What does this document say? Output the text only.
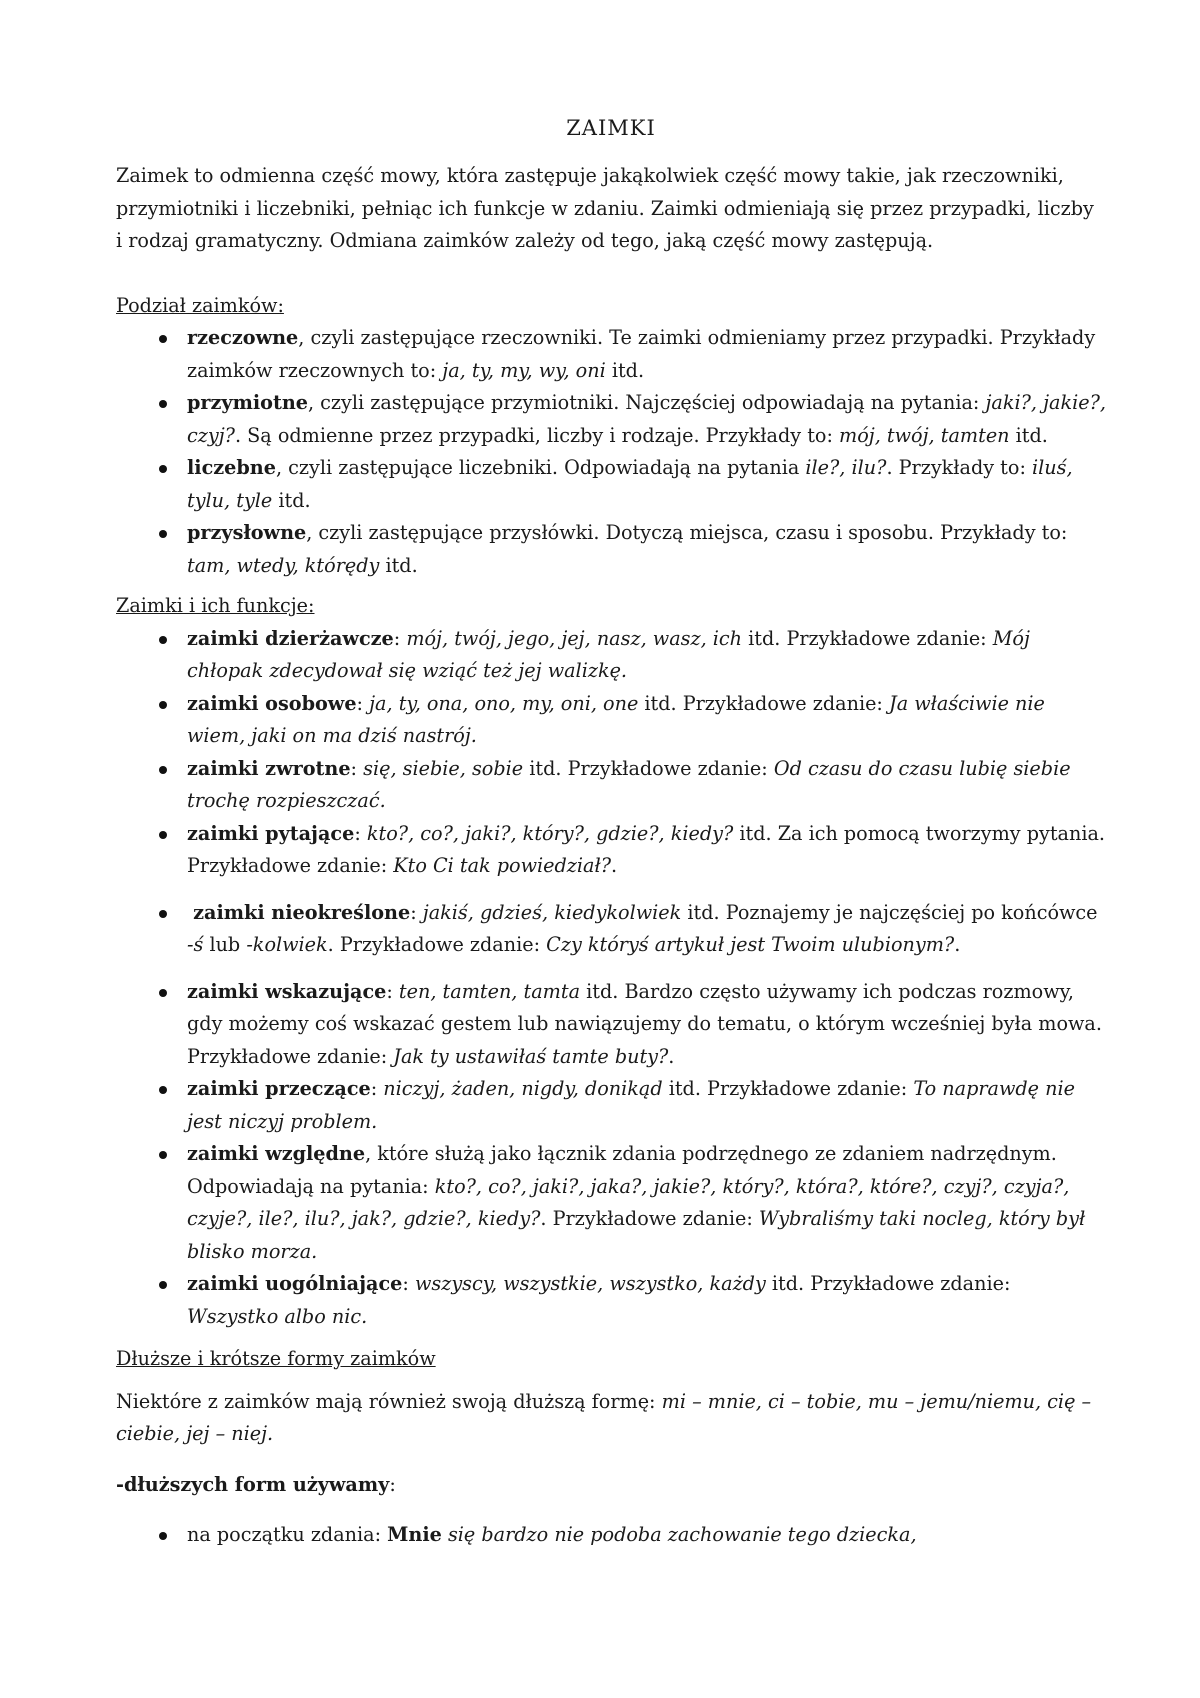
ZAIMKI

Zaimek to odmienna część mowy, która zastępuje jakąkolwiek część mowy takie, jak rzeczowniki, przymiotniki i liczebniki, pełniąc ich funkcje w zdaniu. Zaimki odmieniają się przez przypadki, liczby i rodzaj gramatyczny. Odmiana zaimków zależy od tego, jaką część mowy zastępują.

Podział zaimków:
rzeczowne, czyli zastępujące rzeczowniki. Te zaimki odmieniamy przez przypadki. Przykłady zaimków rzeczownych to: ja, ty, my, wy, oni itd.
przymiotne, czyli zastępujące przymiotniki. Najczęściej odpowiadają na pytania: jaki?, jakie?, czyj?. Są odmienne przez przypadki, liczby i rodzaje. Przykłady to: mój, twój, tamten itd.
liczebne, czyli zastępujące liczebniki. Odpowiadają na pytania ile?, ilu?. Przykłady to: iluś, tylu, tyle itd.
przysłowne, czyli zastępujące przysłówki. Dotyczą miejsca, czasu i sposobu. Przykłady to: tam, wtedy, którędy itd.
Zaimki i ich funkcje:
zaimki dzierżawcze: mój, twój, jego, jej, nasz, wasz, ich itd. Przykładowe zdanie: Mój chłopak zdecydował się wziąć też jej walizkę.
zaimki osobowe: ja, ty, ona, ono, my, oni, one itd. Przykładowe zdanie: Ja właściwie nie wiem, jaki on ma dziś nastrój.
zaimki zwrotne: się, siebie, sobie itd. Przykładowe zdanie: Od czasu do czasu lubię siebie trochę rozpieszczać.
zaimki pytające: kto?, co?, jaki?, który?, gdzie?, kiedy? itd. Za ich pomocą tworzymy pytania. Przykładowe zdanie: Kto Ci tak powiedział?.
zaimki nieokreślone: jakiś, gdzieś, kiedykolwiek itd. Poznajemy je najczęściej po końcówce -ś lub -kolwiek. Przykładowe zdanie: Czy któryś artykuł jest Twoim ulubionym?.
zaimki wskazujące: ten, tamten, tamta itd. Bardzo często używamy ich podczas rozmowy, gdy możemy coś wskazać gestem lub nawiązujemy do tematu, o którym wcześniej była mowa. Przykładowe zdanie: Jak ty ustawiłaś tamte buty?.
zaimki przeczące: niczyj, żaden, nigdy, donikąd itd. Przykładowe zdanie: To naprawdę nie jest niczyj problem.
zaimki względne, które służą jako łącznik zdania podrzędnego ze zdaniem nadrzędnym. Odpowiadają na pytania: kto?, co?, jaki?, jaka?, jakie?, który?, która?, które?, czyj?, czyja?, czyje?, ile?, ilu?, jak?, gdzie?, kiedy?. Przykładowe zdanie: Wybraliśmy taki nocleg, który był blisko morza.
zaimki uogólniające: wszyscy, wszystkie, wszystko, każdy itd. Przykładowe zdanie: Wszystko albo nic.
Dłuższe i krótsze formy zaimków

Niektóre z zaimków mają również swoją dłuższą formę: mi – mnie, ci – tobie, mu – jemu/niemu, cię – ciebie, jej – niej.

-dłuższych form używamy:

na początku zdania: Mnie się bardzo nie podoba zachowanie tego dziecka,
